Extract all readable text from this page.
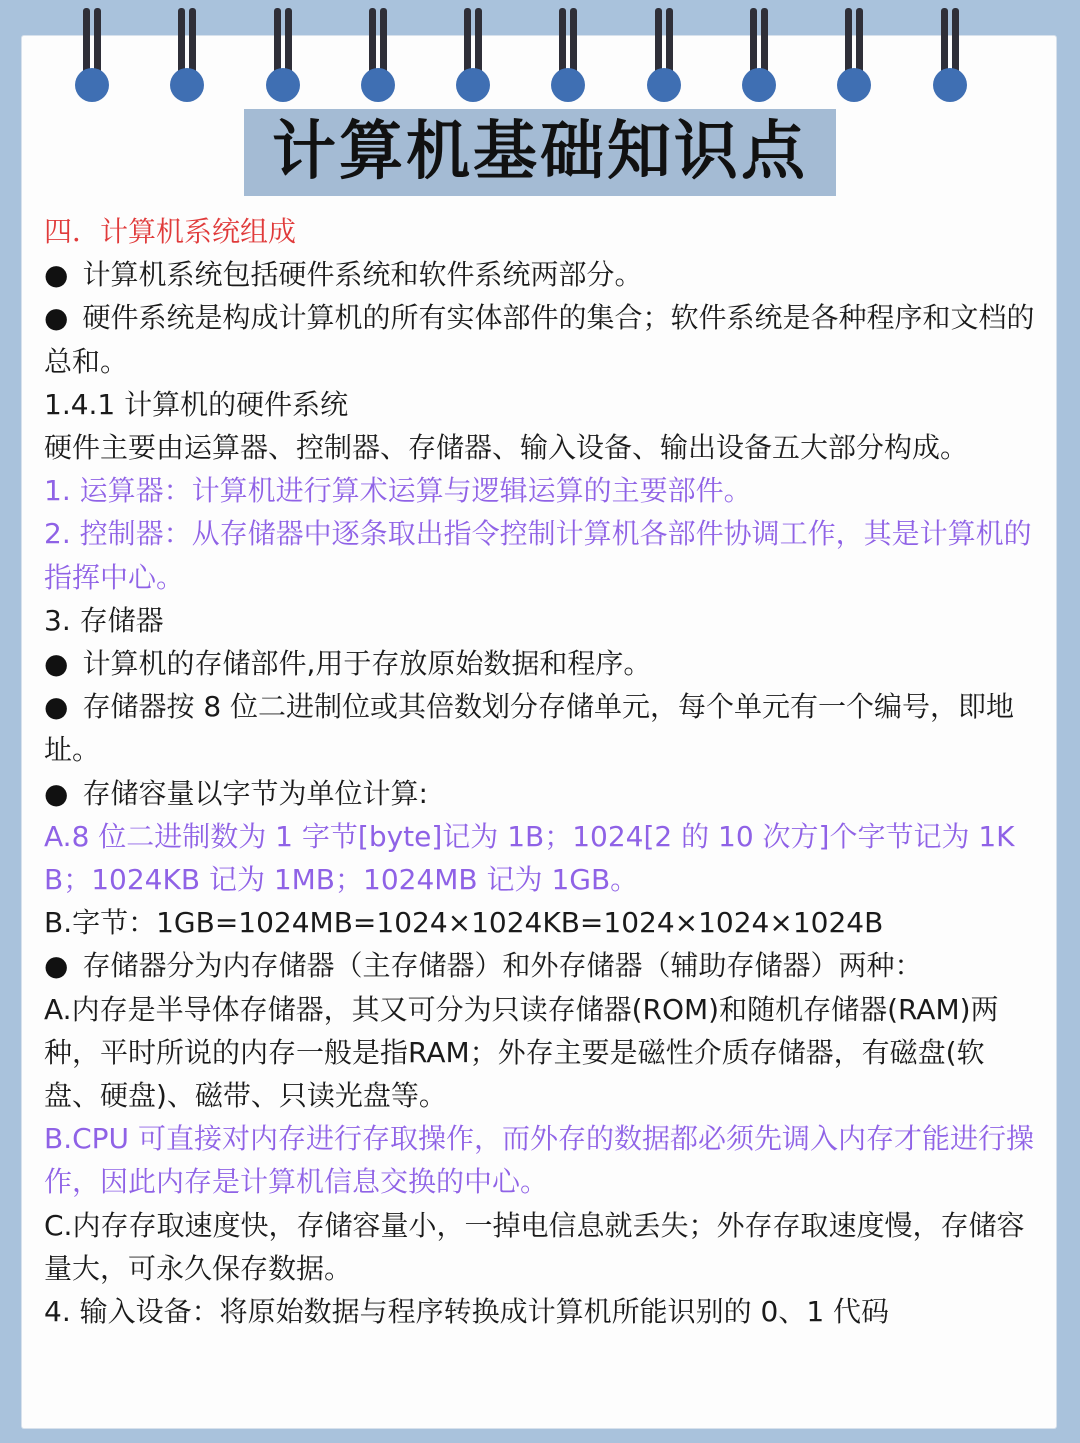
计算机基础知识点
四．计算机系统组成
● 计算机系统包括硬件系统和软件系统两部分。
● 硬件系统是构成计算机的所有实体部件的集合；软件系统是各种程序和文档的总和。
1.4.1 计算机的硬件系统
硬件主要由运算器、控制器、存储器、输入设备、输出设备五大部分构成。
1. 运算器：计算机进行算术运算与逻辑运算的主要部件。
2. 控制器：从存储器中逐条取出指令控制计算机各部件协调工作，其是计算机的指挥中心。
3. 存储器
● 计算机的存储部件,用于存放原始数据和程序。
● 存储器按 8 位二进制位或其倍数划分存储单元，每个单元有一个编号，即地址。
● 存储容量以字节为单位计算:
A.8 位二进制数为 1 字节[byte]记为 1B；1024[2 的 10 次方]个字节记为 1KB；1024KB 记为 1MB；1024MB 记为 1GB。
B.字节：1GB=1024MB=1024×1024KB=1024×1024×1024B
● 存储器分为内存储器（主存储器）和外存储器（辅助存储器）两种：
A.内存是半导体存储器，其又可分为只读存储器(ROM)和随机存储器(RAM)两种，平时所说的内存一般是指RAM；外存主要是磁性介质存储器，有磁盘(软盘、硬盘)、磁带、只读光盘等。
B.CPU 可直接对内存进行存取操作，而外存的数据都必须先调入内存才能进行操作，因此内存是计算机信息交换的中心。
C.内存存取速度快，存储容量小，一掉电信息就丢失；外存存取速度慢，存储容量大，可永久保存数据。
4. 输入设备：将原始数据与程序转换成计算机所能识别的 0、1 代码
